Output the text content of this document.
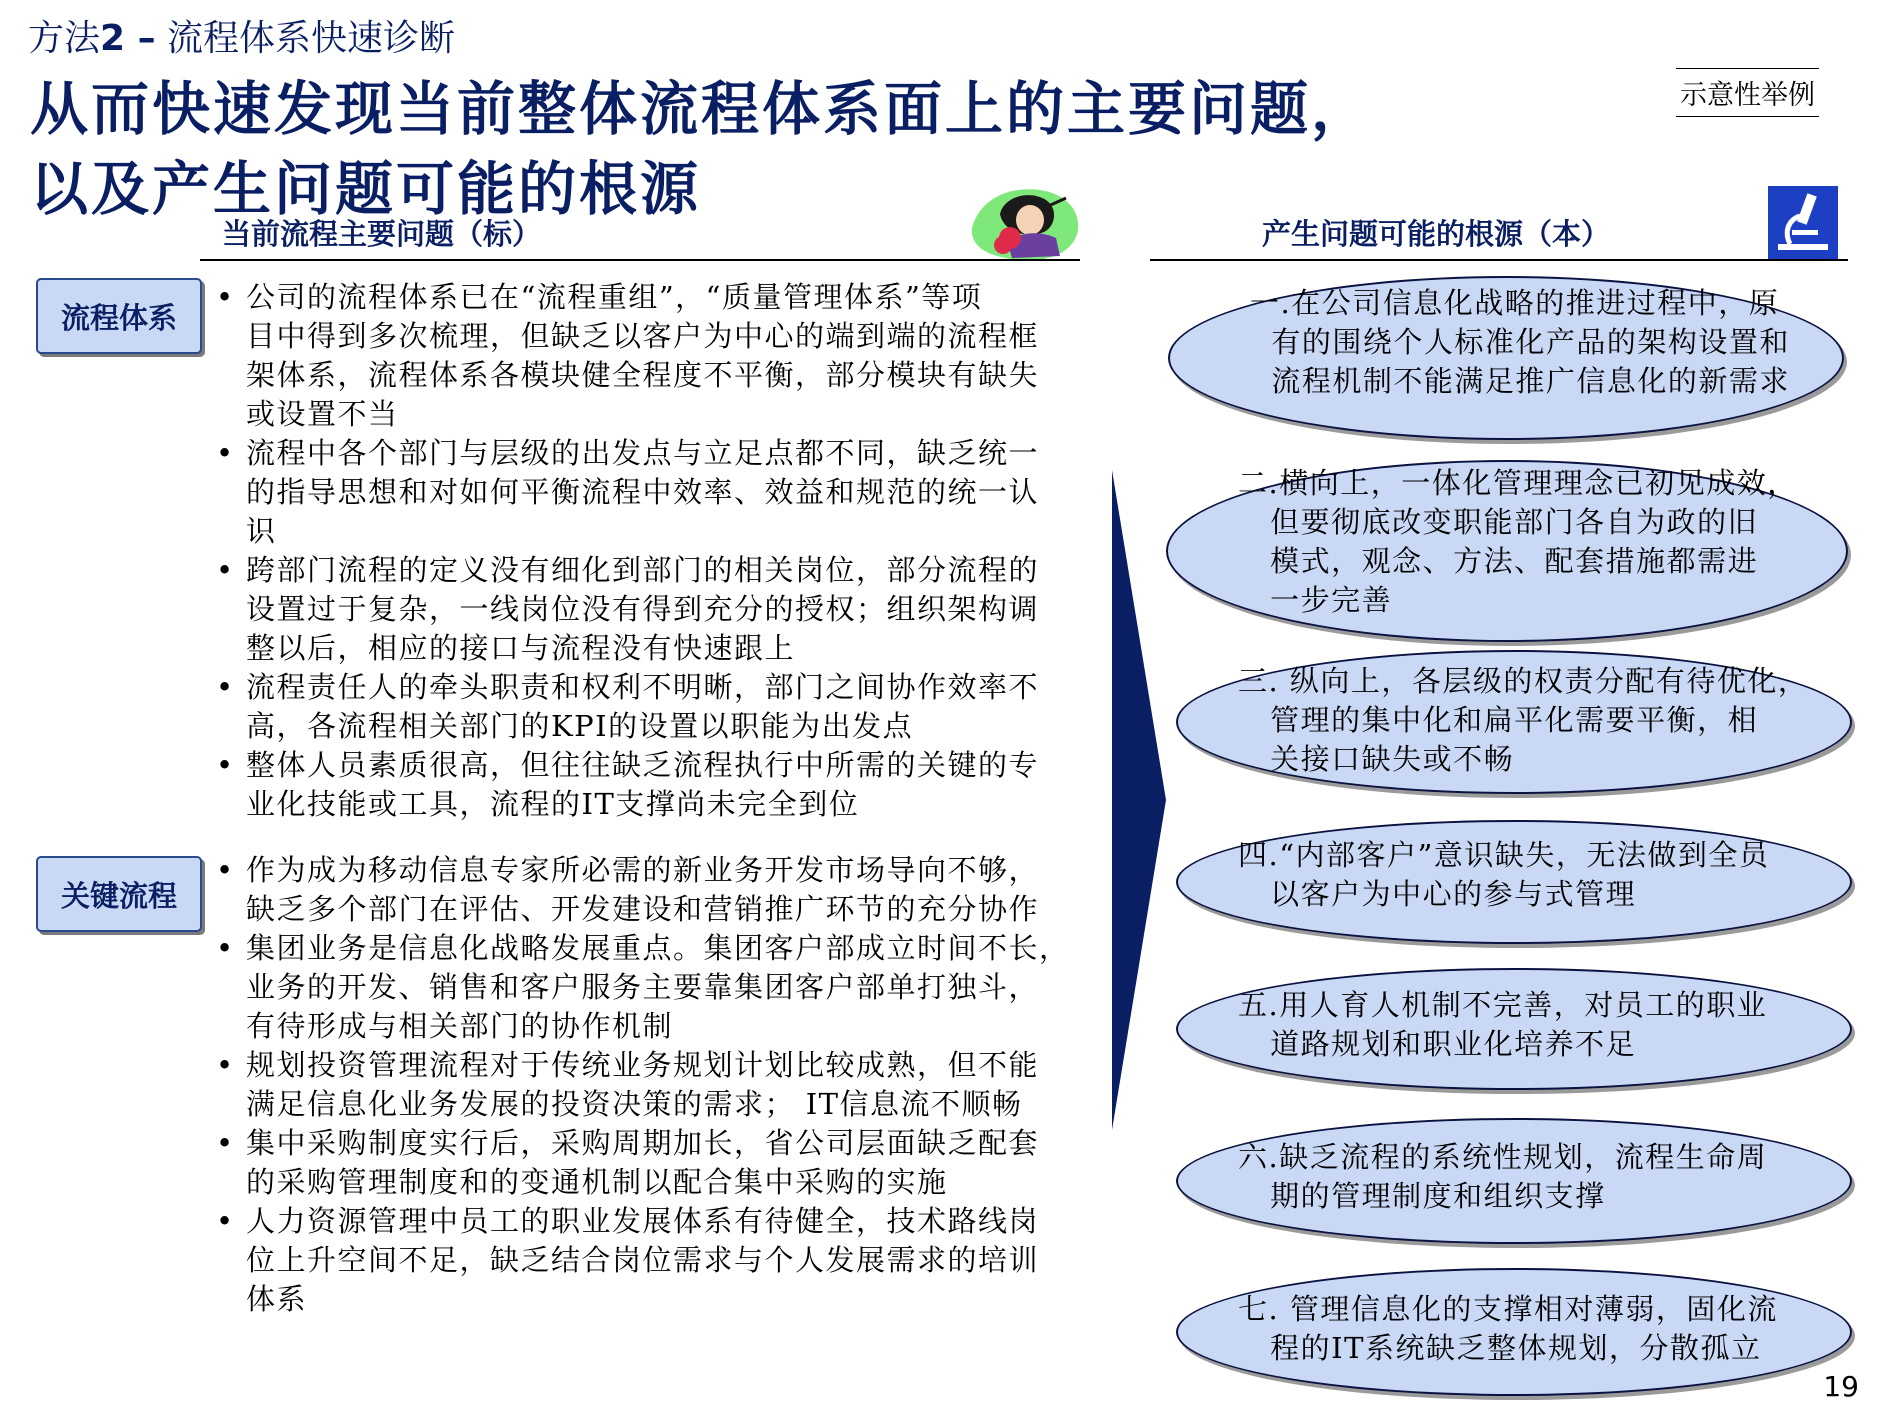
方法2 – 流程体系快速诊断
从而快速发现当前整体流程体系面上的主要问题，
以及产生问题可能的根源
示意性举例
当前流程主要问题（标）	产生问题可能的根源（本）
流程体系
关键流程
• 公司的流程体系已在“流程重组”，“质量管理体系”等项
目中得到多次梳理，但缺乏以客户为中心的端到端的流程框
架体系，流程体系各模块健全程度不平衡，部分模块有缺失
或设置不当
• 流程中各个部门与层级的出发点与立足点都不同，缺乏统一
的指导思想和对如何平衡流程中效率、效益和规范的统一认
识
• 跨部门流程的定义没有细化到部门的相关岗位，部分流程的
设置过于复杂，一线岗位没有得到充分的授权；组织架构调
整以后，相应的接口与流程没有快速跟上
• 流程责任人的牵头职责和权利不明晰，部门之间协作效率不
高，各流程相关部门的KPI的设置以职能为出发点
• 整体人员素质很高，但往往缺乏流程执行中所需的关键的专
业化技能或工具，流程的IT支撑尚未完全到位
• 作为成为移动信息专家所必需的新业务开发市场导向不够，
缺乏多个部门在评估、开发建设和营销推广环节的充分协作
• 集团业务是信息化战略发展重点。集团客户部成立时间不长，
业务的开发、销售和客户服务主要靠集团客户部单打独斗，
有待形成与相关部门的协作机制
• 规划投资管理流程对于传统业务规划计划比较成熟，但不能
满足信息化业务发展的投资决策的需求； IT信息流不顺畅
• 集中采购制度实行后，采购周期加长，省公司层面缺乏配套
的采购管理制度和的变通机制以配合集中采购的实施
• 人力资源管理中员工的职业发展体系有待健全，技术路线岗
位上升空间不足，缺乏结合岗位需求与个人发展需求的培训
体系
一.在公司信息化战略的推进过程中，原
有的围绕个人标准化产品的架构设置和
流程机制不能满足推广信息化的新需求
二.横向上，一体化管理理念已初见成效，
但要彻底改变职能部门各自为政的旧
模式，观念、方法、配套措施都需进
一步完善
三. 纵向上，各层级的权责分配有待优化，
管理的集中化和扁平化需要平衡，相
关接口缺失或不畅
四.“内部客户”意识缺失，无法做到全员
以客户为中心的参与式管理
五.用人育人机制不完善，对员工的职业
道路规划和职业化培养不足
六.缺乏流程的系统性规划，流程生命周
期的管理制度和组织支撑
七. 管理信息化的支撑相对薄弱，固化流
程的IT系统缺乏整体规划，分散孤立
19
